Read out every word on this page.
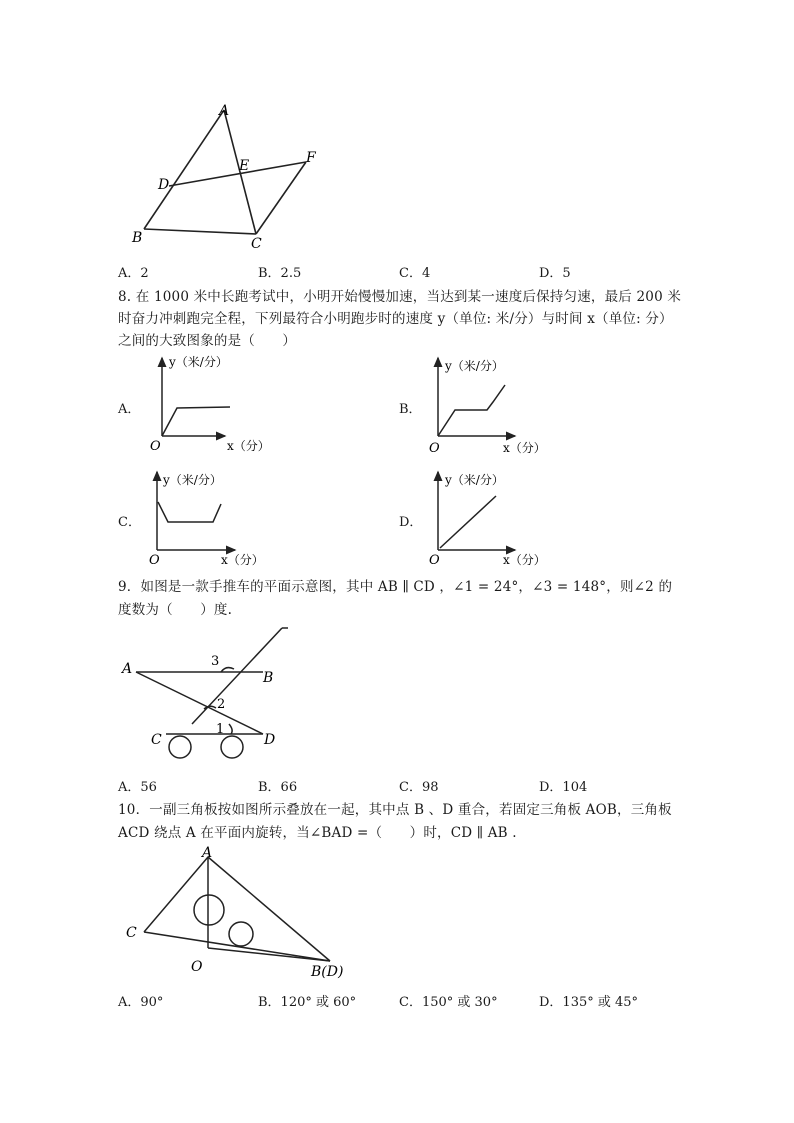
A
E	F
D
B	C
A．2	B．2.5	C．4	D．5
8. 在 1000 米中长跑考试中，小明开始慢慢加速，当达到某一速度后保持匀速，最后 200 米
时奋力冲刺跑完全程，下列最符合小明跑步时的速度 y（单位: 米/分）与时间 x（单位: 分）
之间的大致图象的是（　　）
A．
y（米/分）
O	x（分）
B．
y（米/分）
O	x（分）
C．
y（米/分）
O	x（分）
D．
y（米/分）
O	x（分）
9．如图是一款手推车的平面示意图，其中 AB ∥ CD ，∠1 = 24°，∠3 = 148°，则∠2 的
度数为（　　）度.
A
B
C	D
3
2
1
A．56	B．66	C．98	D．104
10．一副三角板按如图所示叠放在一起，其中点 B 、D 重合，若固定三角板 AOB，三角板
ACD 绕点 A 在平面内旋转，当∠BAD =（　　）时，CD ∥ AB .
A
C
O	B(D)
A．90°	B．120° 或 60°	C．150° 或 30°	D．135° 或 45°
